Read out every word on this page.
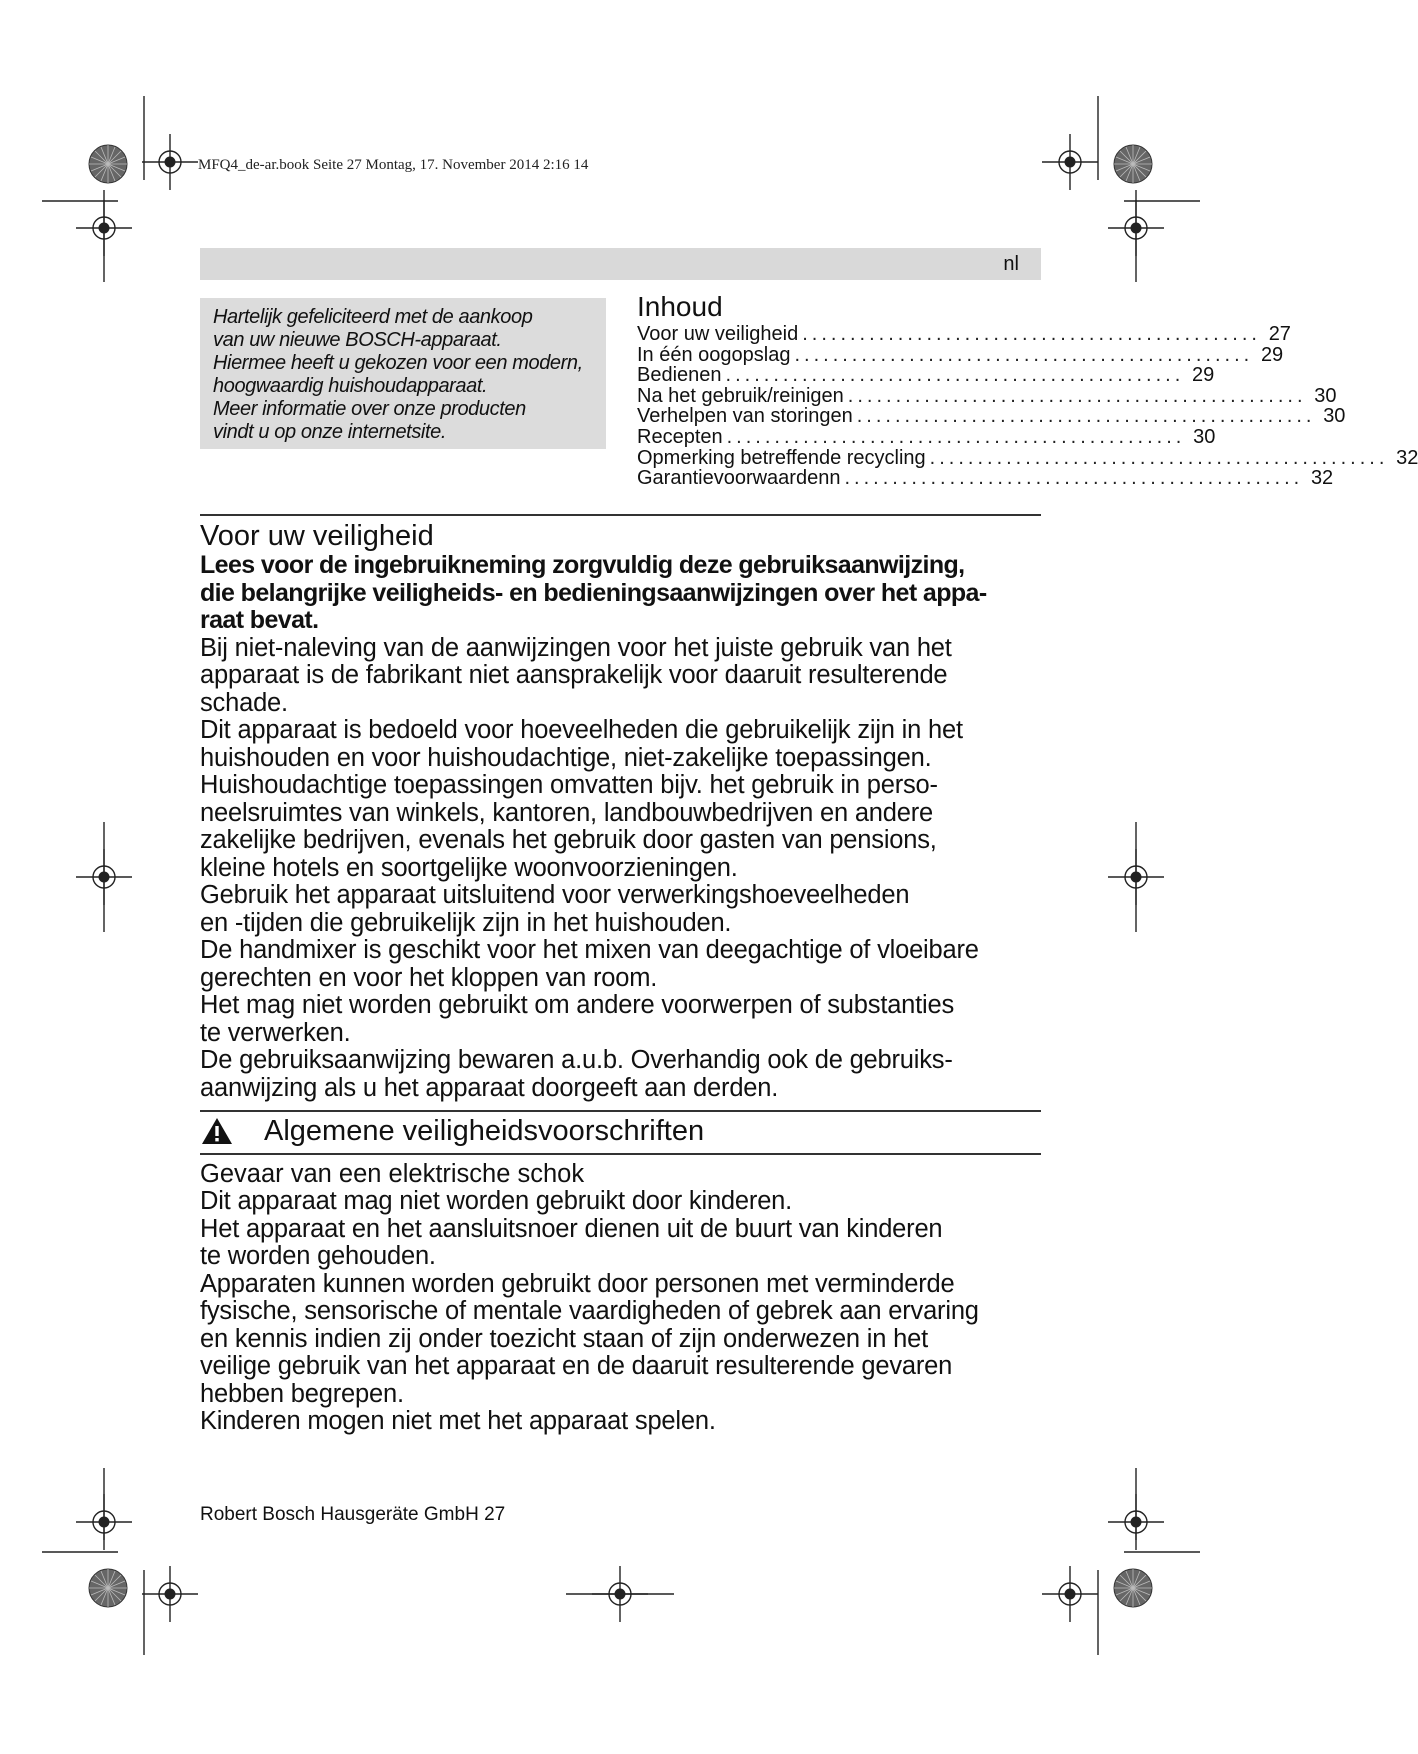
MFQ4_de-ar.book Seite 27 Montag, 17. November 2014 2:16 14
nl
Hartelijk gefeliciteerd met de aankoop
van uw nieuwe BOSCH-apparaat.
Hiermee heeft u gekozen voor een modern,
hoogwaardig huishoudapparaat.
Meer informatie over onze producten
vindt u op onze internetsite.
Inhoud
Voor uw veiligheid ................................................ 27
In één oogopslag ................................................ 29
Bedienen ................................................ 29
Na het gebruik/reinigen ................................................ 30
Verhelpen van storingen ................................................ 30
Recepten ................................................ 30
Opmerking betreffende recycling ................................................ 32
Garantievoorwaardenn ................................................ 32
Voor uw veiligheid
Lees voor de ingebruikneming zorgvuldig deze gebruiksaanwijzing,
die belangrijke veiligheids- en bedieningsaanwijzingen over het appa-
raat bevat.
Bij niet-naleving van de aanwijzingen voor het juiste gebruik van het
apparaat is de fabrikant niet aansprakelijk voor daaruit resulterende
schade.
Dit apparaat is bedoeld voor hoeveelheden die gebruikelijk zijn in het
huishouden en voor huishoudachtige, niet-zakelijke toepassingen.
Huishoudachtige toepassingen omvatten bijv. het gebruik in perso-
neelsruimtes van winkels, kantoren, landbouwbedrijven en andere
zakelijke bedrijven, evenals het gebruik door gasten van pensions,
kleine hotels en soortgelijke woonvoorzieningen.
Gebruik het apparaat uitsluitend voor verwerkingshoeveelheden
en -tijden die gebruikelijk zijn in het huishouden.
De handmixer is geschikt voor het mixen van deegachtige of vloeibare
gerechten en voor het kloppen van room.
Het mag niet worden gebruikt om andere voorwerpen of substanties
te verwerken.
De gebruiksaanwijzing bewaren a.u.b. Overhandig ook de gebruiks-
aanwijzing als u het apparaat doorgeeft aan derden.
Algemene veiligheidsvoorschriften
Gevaar van een elektrische schok
Dit apparaat mag niet worden gebruikt door kinderen.
Het apparaat en het aansluitsnoer dienen uit de buurt van kinderen
te worden gehouden.
Apparaten kunnen worden gebruikt door personen met verminderde
fysische, sensorische of mentale vaardigheden of gebrek aan ervaring
en kennis indien zij onder toezicht staan of zijn onderwezen in het
veilige gebruik van het apparaat en de daaruit resulterende gevaren
hebben begrepen.
Kinderen mogen niet met het apparaat spelen.
Robert Bosch Hausgeräte GmbH 27
